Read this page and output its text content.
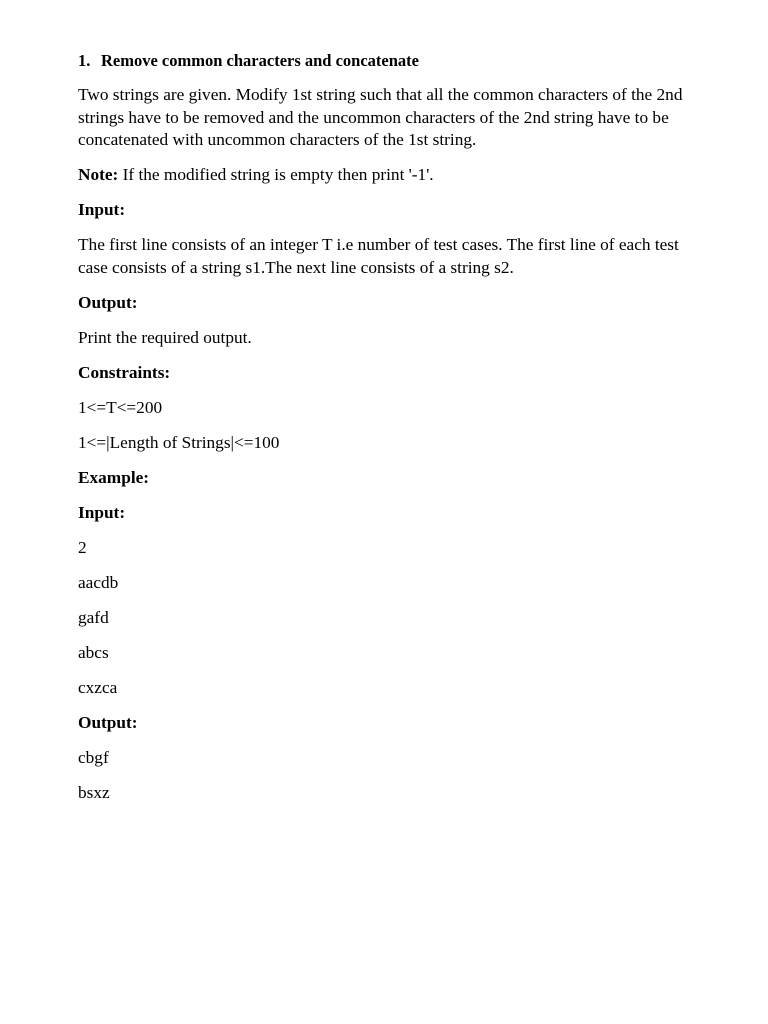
1. Remove common characters and concatenate

Two strings are given. Modify 1st string such that all the common characters of the 2nd strings have to be removed and the uncommon characters of the 2nd string have to be concatenated with uncommon characters of the 1st string.

Note: If the modified string is empty then print '-1'.

Input:

The first line consists of an integer T i.e number of test cases. The first line of each test case consists of a string s1.The next line consists of a string s2.

Output:

Print the required output.

Constraints:

1<=T<=200

1<=|Length of Strings|<=100

Example:

Input:

2

aacdb

gafd

abcs

cxzca

Output:

cbgf

bsxz
